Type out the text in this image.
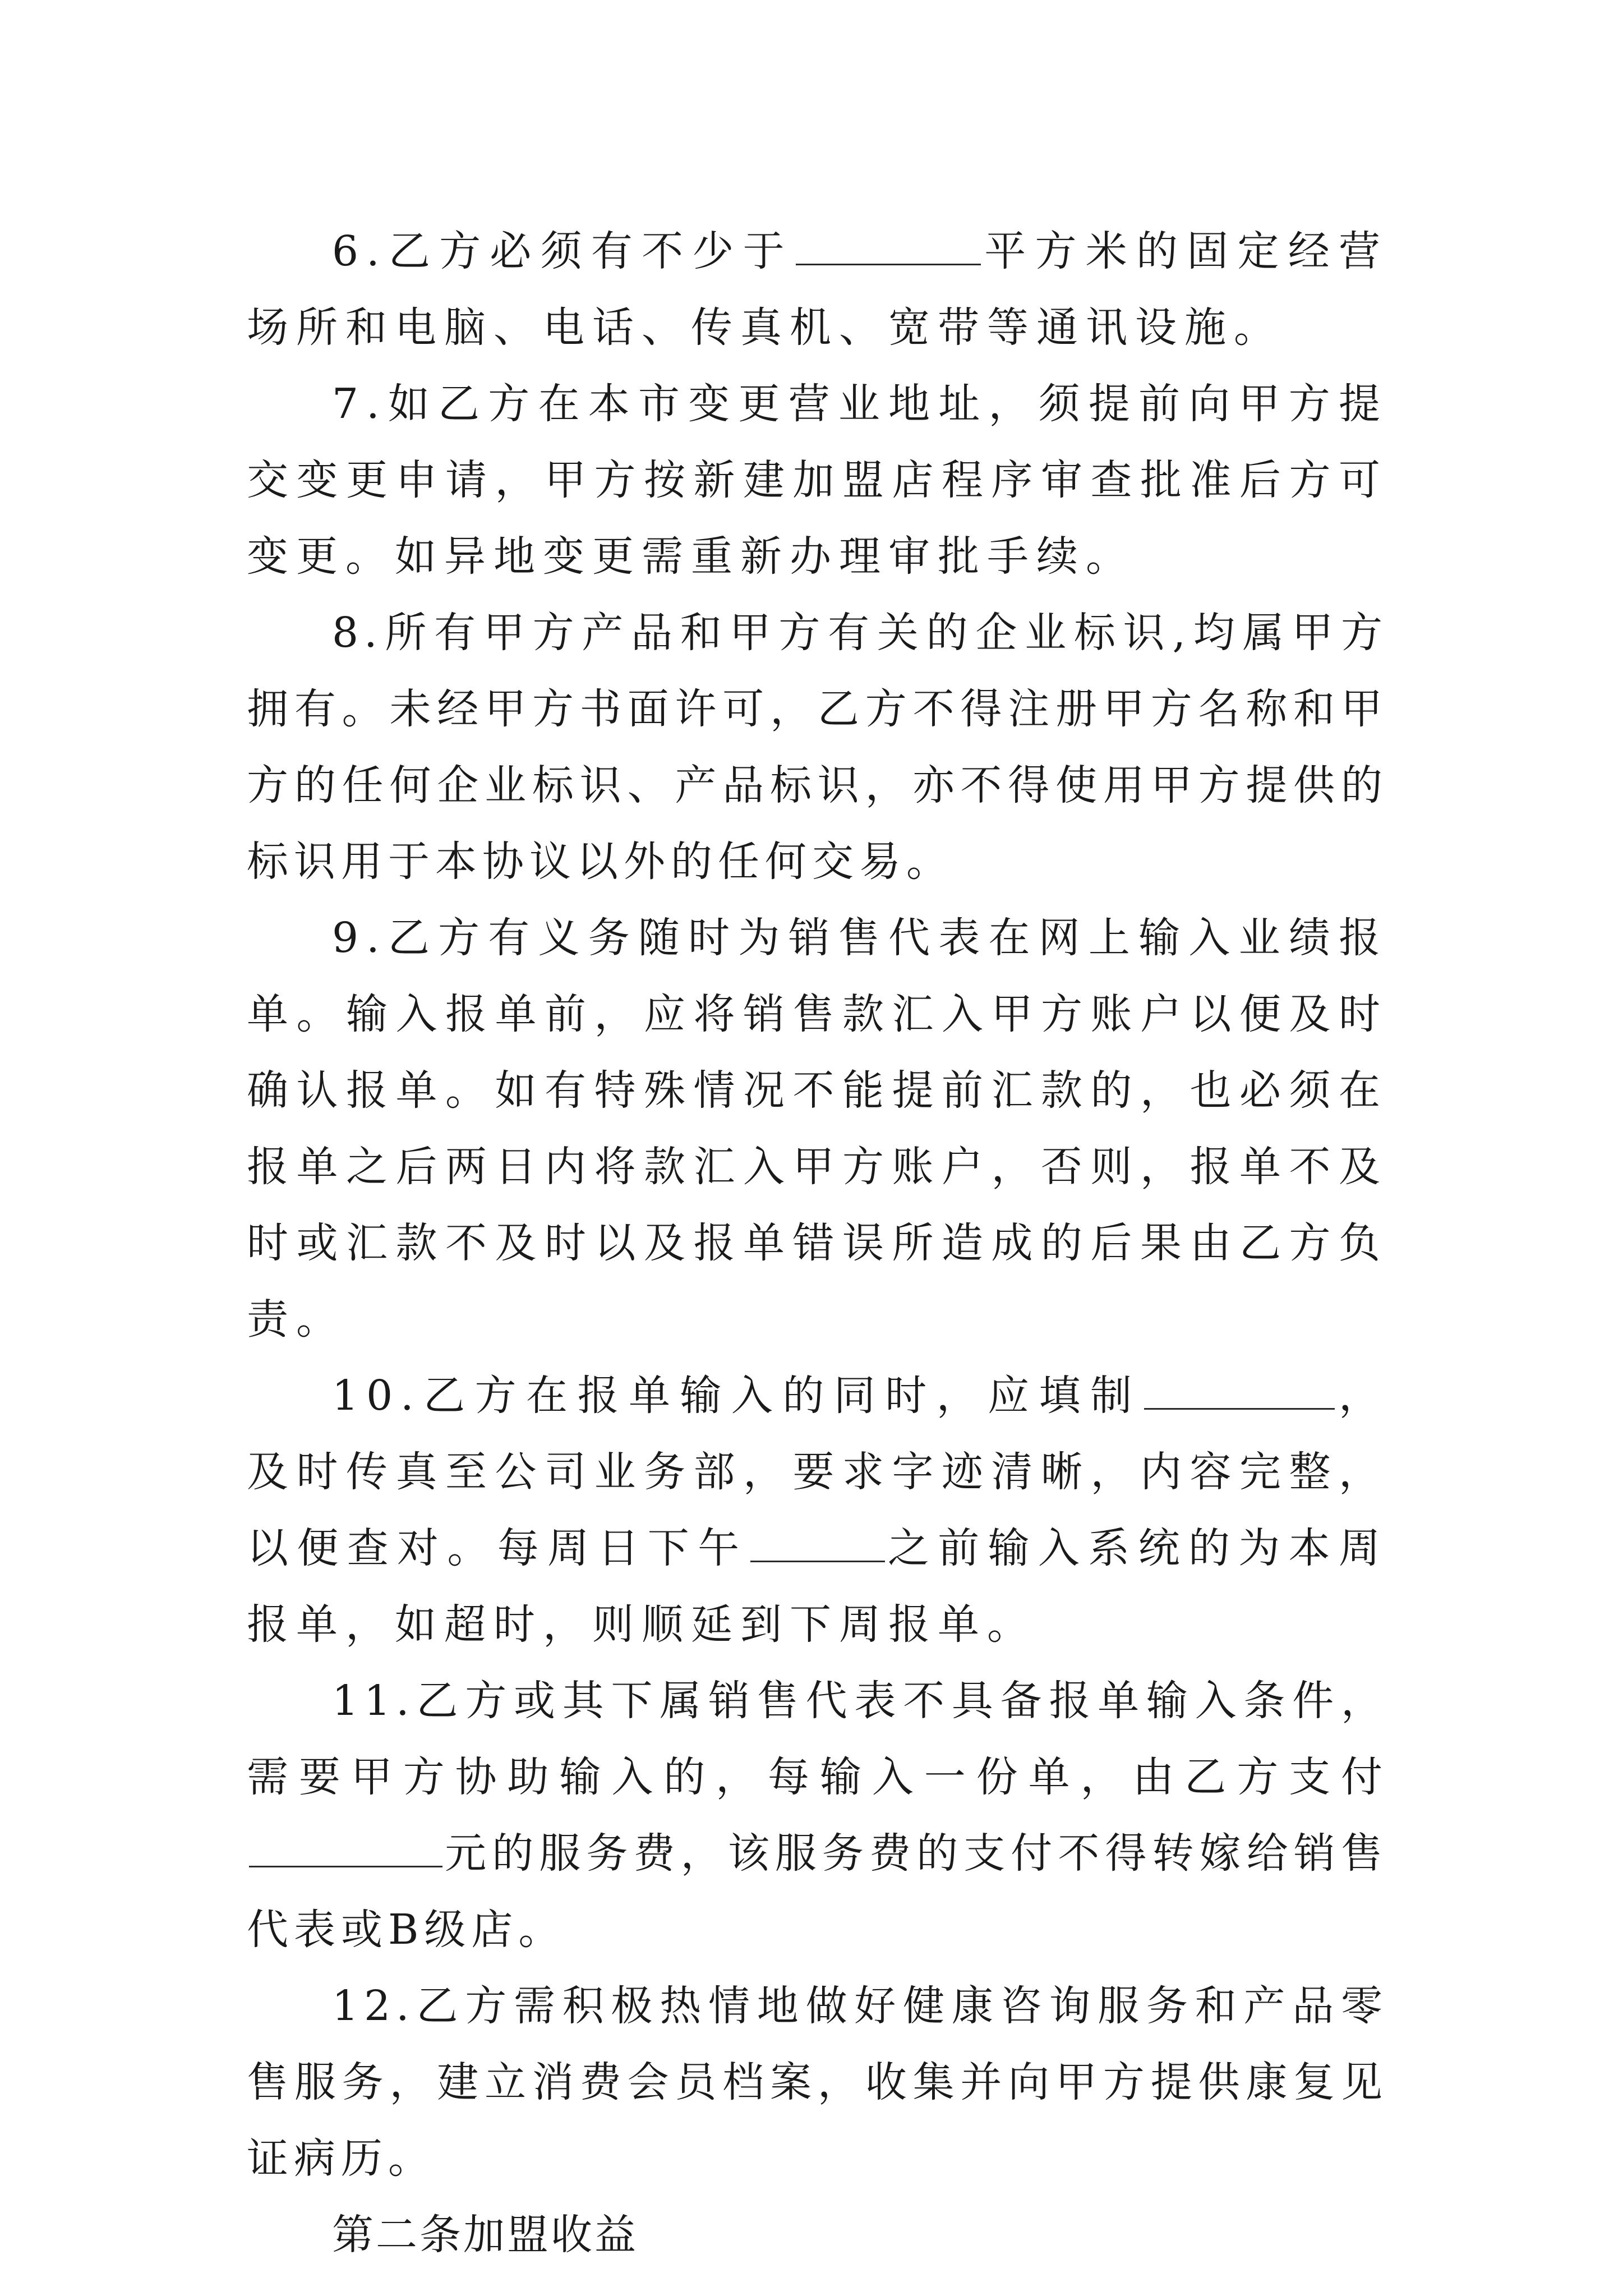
6.乙方必须有不少于	平方米的固定经营场所和电脑、电话、传真机、宽带等通讯设施。

7.如乙方在本市变更营业地址，须提前向甲方提交变更申请，甲方按新建加盟店程序审查批准后方可变更。如异地变更需重新办理审批手续。

8.所有甲方产品和甲方有关的企业标识,均属甲方拥有。未经甲方书面许可，乙方不得注册甲方名称和甲方的任何企业标识、产品标识，亦不得使用甲方提供的标识用于本协议以外的任何交易。

9.乙方有义务随时为销售代表在网上输入业绩报单。输入报单前，应将销售款汇入甲方账户以便及时确认报单。如有特殊情况不能提前汇款的，也必须在报单之后两日内将款汇入甲方账户，否则，报单不及时或汇款不及时以及报单错误所造成的后果由乙方负责。

10.乙方在报单输入的同时，应填制	，及时传真至公司业务部，要求字迹清晰，内容完整，以便查对。每周日下午	之前输入系统的为本周报单，如超时，则顺延到下周报单。

11.乙方或其下属销售代表不具备报单输入条件，需要甲方协助输入的，每输入一份单，由乙方支付元的服务费，该服务费的支付不得转嫁给销售代表或B级店。

12.乙方需积极热情地做好健康咨询服务和产品零售服务，建立消费会员档案，收集并向甲方提供康复见证病历。

第二条加盟收益
